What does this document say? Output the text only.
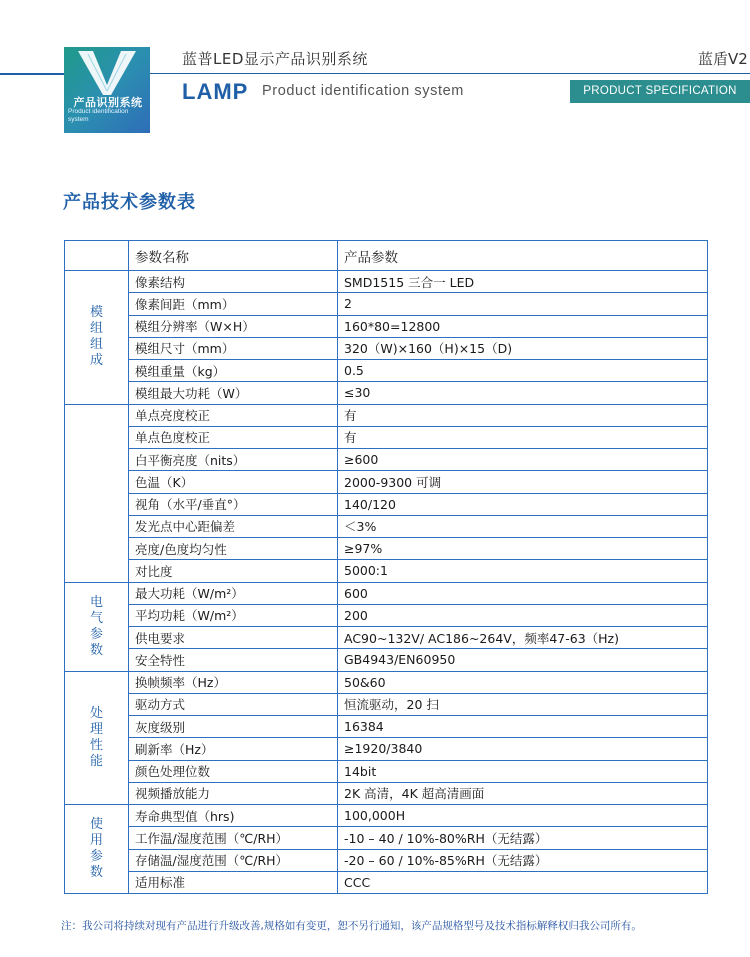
产品识别系统
Product identification system
蓝普LED显示产品识别系统	蓝盾V2
LAMP Product identification system	PRODUCT SPECIFICATION
产品技术参数表
	参数名称	产品参数
模组组成	像素结构	SMD1515 三合一 LED
	像素间距（mm）	2
	模组分辨率（W×H）	160*80=12800
	模组尺寸（mm）	320（W)×160（H)×15（D)
	模组重量（kg）	0.5
	模组最大功耗（W）	≤30
	单点亮度校正	有
	单点色度校正	有
	白平衡亮度（nits）	≥600
	色温（K）	2000-9300 可调
	视角（水平/垂直°）	140/120
	发光点中心距偏差	＜3%
	亮度/色度均匀性	≥97%
	对比度	5000:1
电气参数	最大功耗（W/m²）	600
	平均功耗（W/m²）	200
	供电要求	AC90~132V/ AC186~264V，频率47-63（Hz)
	安全特性	GB4943/EN60950
处理性能	换帧频率（Hz）	50&60
	驱动方式	恒流驱动，20 扫
	灰度级别	16384
	刷新率（Hz）	≥1920/3840
	颜色处理位数	14bit
	视频播放能力	2K 高清，4K 超高清画面
使用参数	寿命典型值（hrs)	100,000H
	工作温/湿度范围（℃/RH）	-10 – 40 / 10%-80%RH（无结露）
	存储温/湿度范围（℃/RH）	-20 – 60 / 10%-85%RH（无结露）
	适用标准	CCC
注：我公司将持续对现有产品进行升级改善,规格如有变更，恕不另行通知，该产品规格型号及技术指标解释权归我公司所有。
